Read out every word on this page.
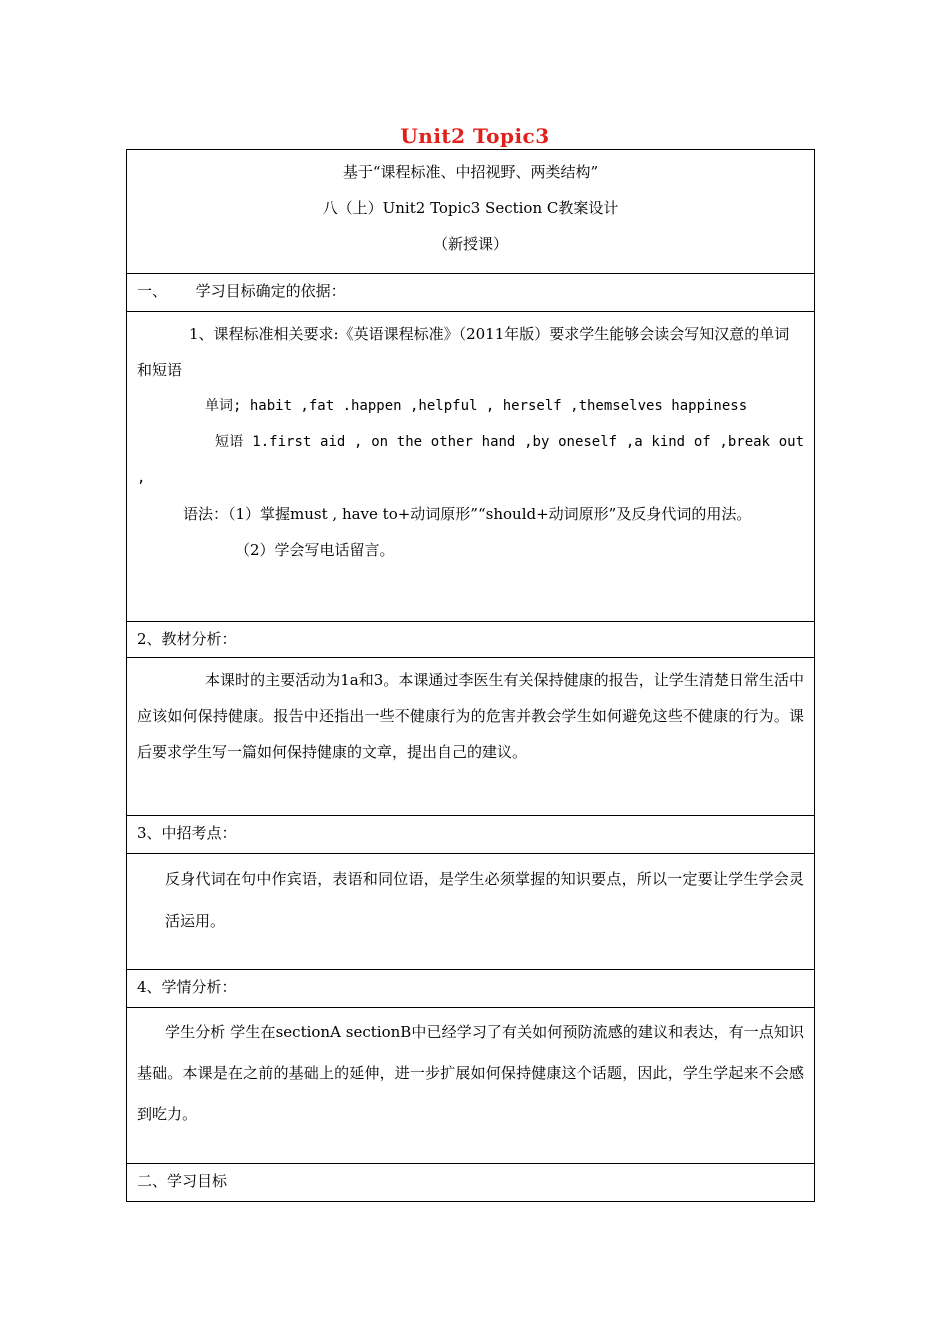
Unit2 Topic3
基于“课程标准、中招视野、两类结构”
八（上）Unit2 Topic3 Section C教案设计
（新授课）

一、      学习目标确定的依据：

1、课程标准相关要求:《英语课程标准》（2011年版）要求学生能够会读会写知汉意的单词和短语

单词; habit ,fat .happen ,helpful , herself ,themselves happiness

短语 1.first aid , on the other hand ,by oneself ,a kind of ,break out ,

语法：（1）掌握must , have to+动词原形”“should+动词原形”及反身代词的用法。

（2）学会写电话留言。

2、教材分析：

本课时的主要活动为1a和3。本课通过李医生有关保持健康的报告，让学生清楚日常生活中应该如何保持健康。报告中还指出一些不健康行为的危害并教会学生如何避免这些不健康的行为。课后要求学生写一篇如何保持健康的文章，提出自己的建议。

3、中招考点：

反身代词在句中作宾语，表语和同位语，是学生必须掌握的知识要点，所以一定要让学生学会灵活运用。

4、学情分析：

学生分析 学生在sectionA sectionB中已经学习了有关如何预防流感的建议和表达，有一点知识基础。本课是在之前的基础上的延伸，进一步扩展如何保持健康这个话题，因此，学生学起来不会感到吃力。

二、学习目标
